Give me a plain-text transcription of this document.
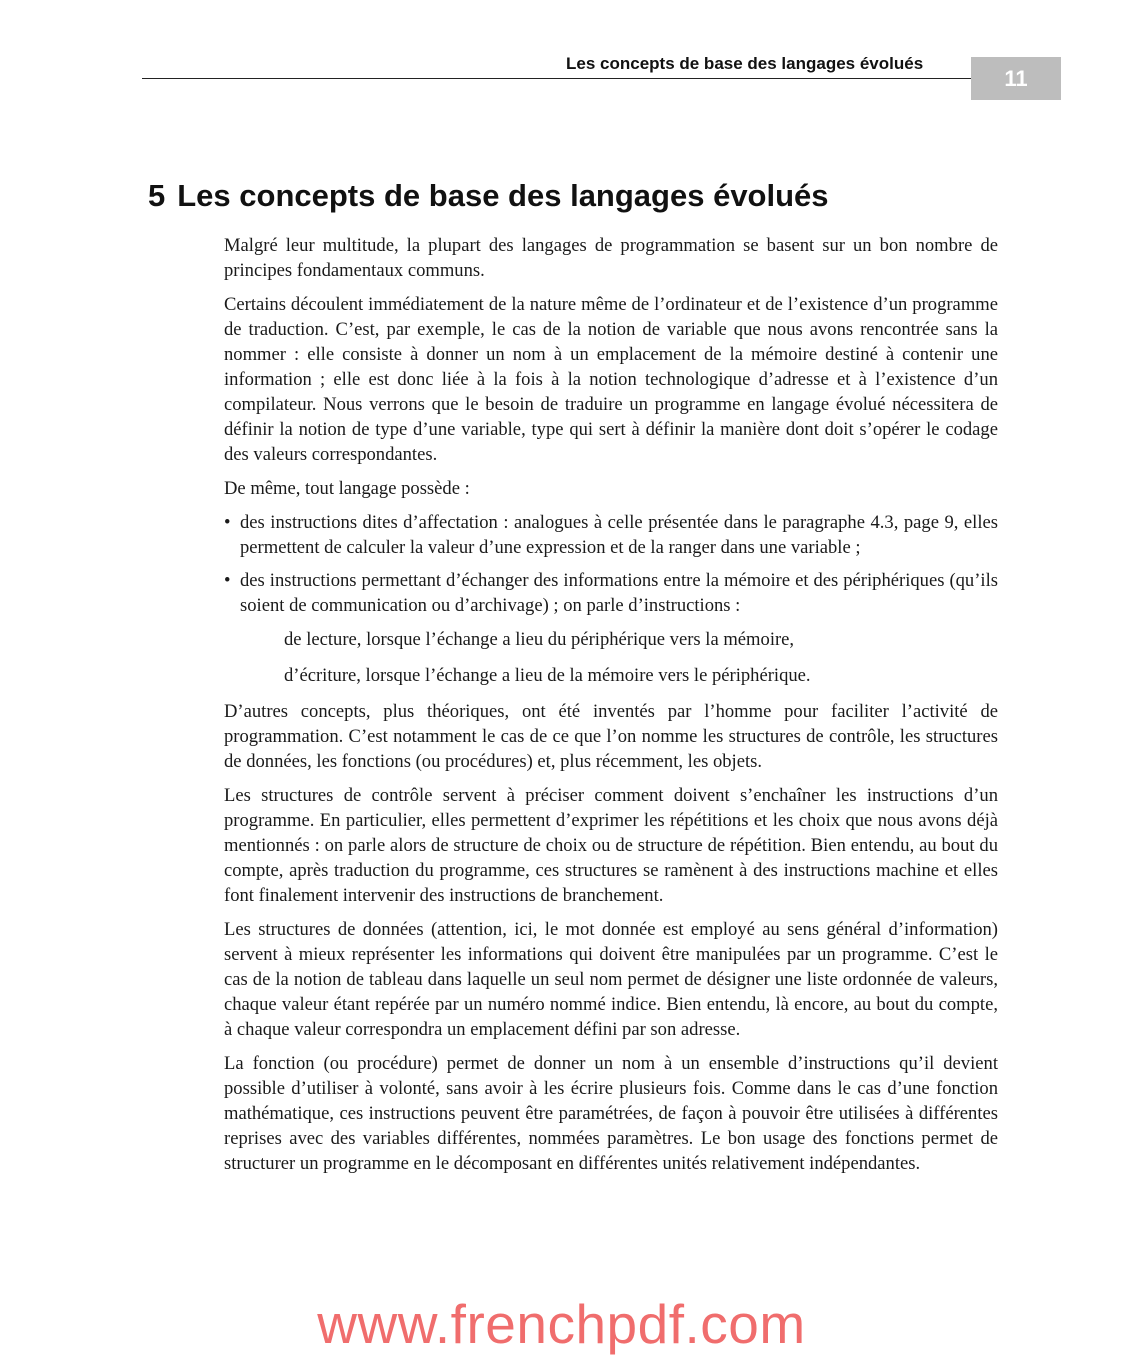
Les concepts de base des langages évolués
11
5 Les concepts de base des langages évolués

Malgré leur multitude, la plupart des langages de programmation se basent sur un bon nombre de principes fondamentaux communs.

Certains découlent immédiatement de la nature même de l’ordinateur et de l’existence d’un programme de traduction. C’est, par exemple, le cas de la notion de variable que nous avons rencontrée sans la nommer : elle consiste à donner un nom à un emplacement de la mémoire destiné à contenir une information ; elle est donc liée à la fois à la notion technologique d’adresse et à l’existence d’un compilateur. Nous verrons que le besoin de traduire un programme en langage évolué nécessitera de définir la notion de type d’une variable, type qui sert à définir la manière dont doit s’opérer le codage des valeurs correspondantes.

De même, tout langage possède :

• des instructions dites d’affectation : analogues à celle présentée dans le paragraphe 4.3, page 9, elles permettent de calculer la valeur d’une expression et de la ranger dans une variable ;
• des instructions permettant d’échanger des informations entre la mémoire et des périphériques (qu’ils soient de communication ou d’archivage) ; on parle d’instructions :

de lecture, lorsque l’échange a lieu du périphérique vers la mémoire,

d’écriture, lorsque l’échange a lieu de la mémoire vers le périphérique.

D’autres concepts, plus théoriques, ont été inventés par l’homme pour faciliter l’activité de programmation. C’est notamment le cas de ce que l’on nomme les structures de contrôle, les structures de données, les fonctions (ou procédures) et, plus récemment, les objets.

Les structures de contrôle servent à préciser comment doivent s’enchaîner les instructions d’un programme. En particulier, elles permettent d’exprimer les répétitions et les choix que nous avons déjà mentionnés : on parle alors de structure de choix ou de structure de répétition. Bien entendu, au bout du compte, après traduction du programme, ces structures se ramènent à des instructions machine et elles font finalement intervenir des instructions de branchement.

Les structures de données (attention, ici, le mot donnée est employé au sens général d’information) servent à mieux représenter les informations qui doivent être manipulées par un programme. C’est le cas de la notion de tableau dans laquelle un seul nom permet de désigner une liste ordonnée de valeurs, chaque valeur étant repérée par un numéro nommé indice. Bien entendu, là encore, au bout du compte, à chaque valeur correspondra un emplacement défini par son adresse.

La fonction (ou procédure) permet de donner un nom à un ensemble d’instructions qu’il devient possible d’utiliser à volonté, sans avoir à les écrire plusieurs fois. Comme dans le cas d’une fonction mathématique, ces instructions peuvent être paramétrées, de façon à pouvoir être utilisées à différentes reprises avec des variables différentes, nommées paramètres. Le bon usage des fonctions permet de structurer un programme en le décomposant en différentes unités relativement indépendantes.

www.frenchpdf.com
